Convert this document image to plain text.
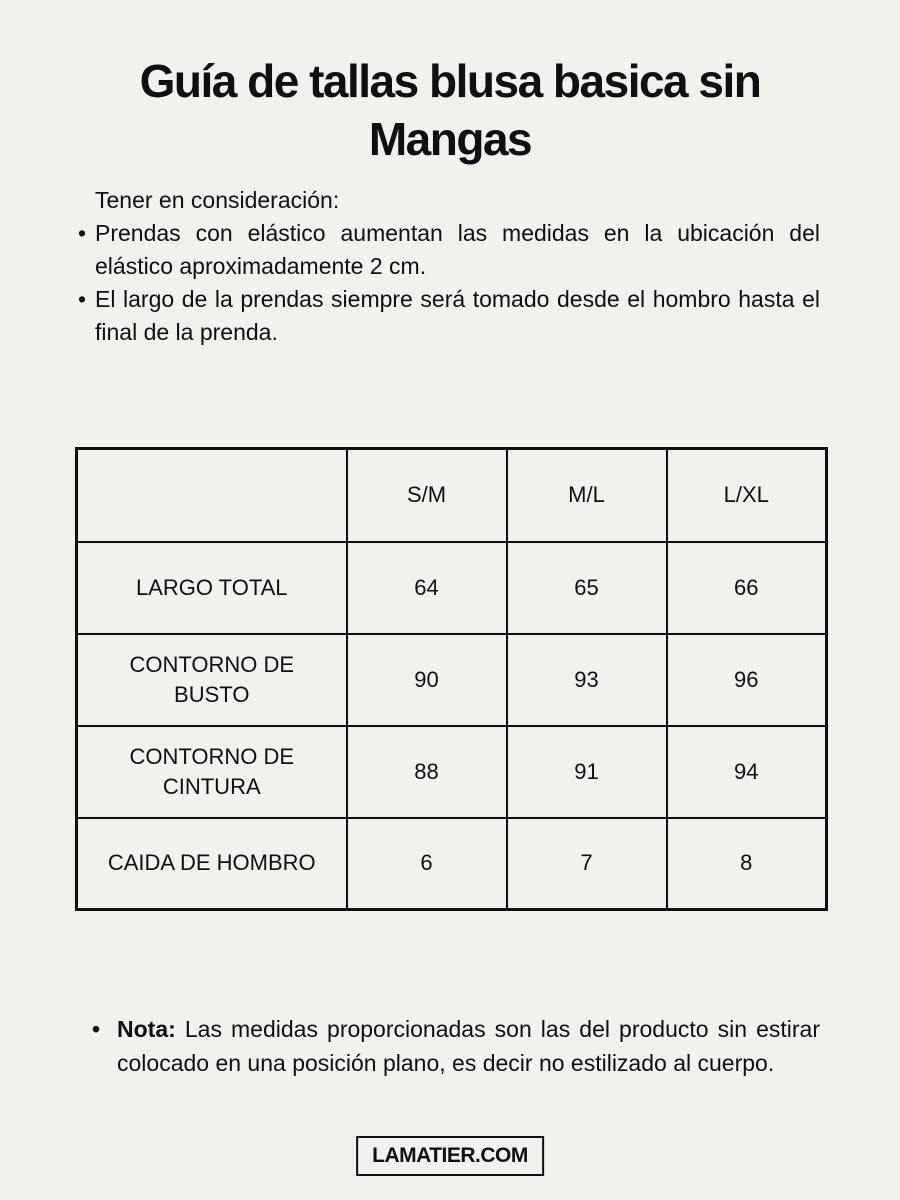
Guía de tallas blusa basica sin
Mangas
Tener en consideración:
• Prendas con elástico aumentan las medidas en la ubicación del elástico aproximadamente 2 cm.
• El largo de la prendas siempre será tomado desde el hombro hasta el final de la prenda.
	S/M	M/L	L/XL
LARGO TOTAL	64	65	66
CONTORNO DE BUSTO	90	93	96
CONTORNO DE CINTURA	88	91	94
CAIDA DE HOMBRO	6	7	8

• Nota: Las medidas proporcionadas son las del producto sin estirar colocado en una posición plano, es decir no estilizado al cuerpo.

LAMATIER.COM
